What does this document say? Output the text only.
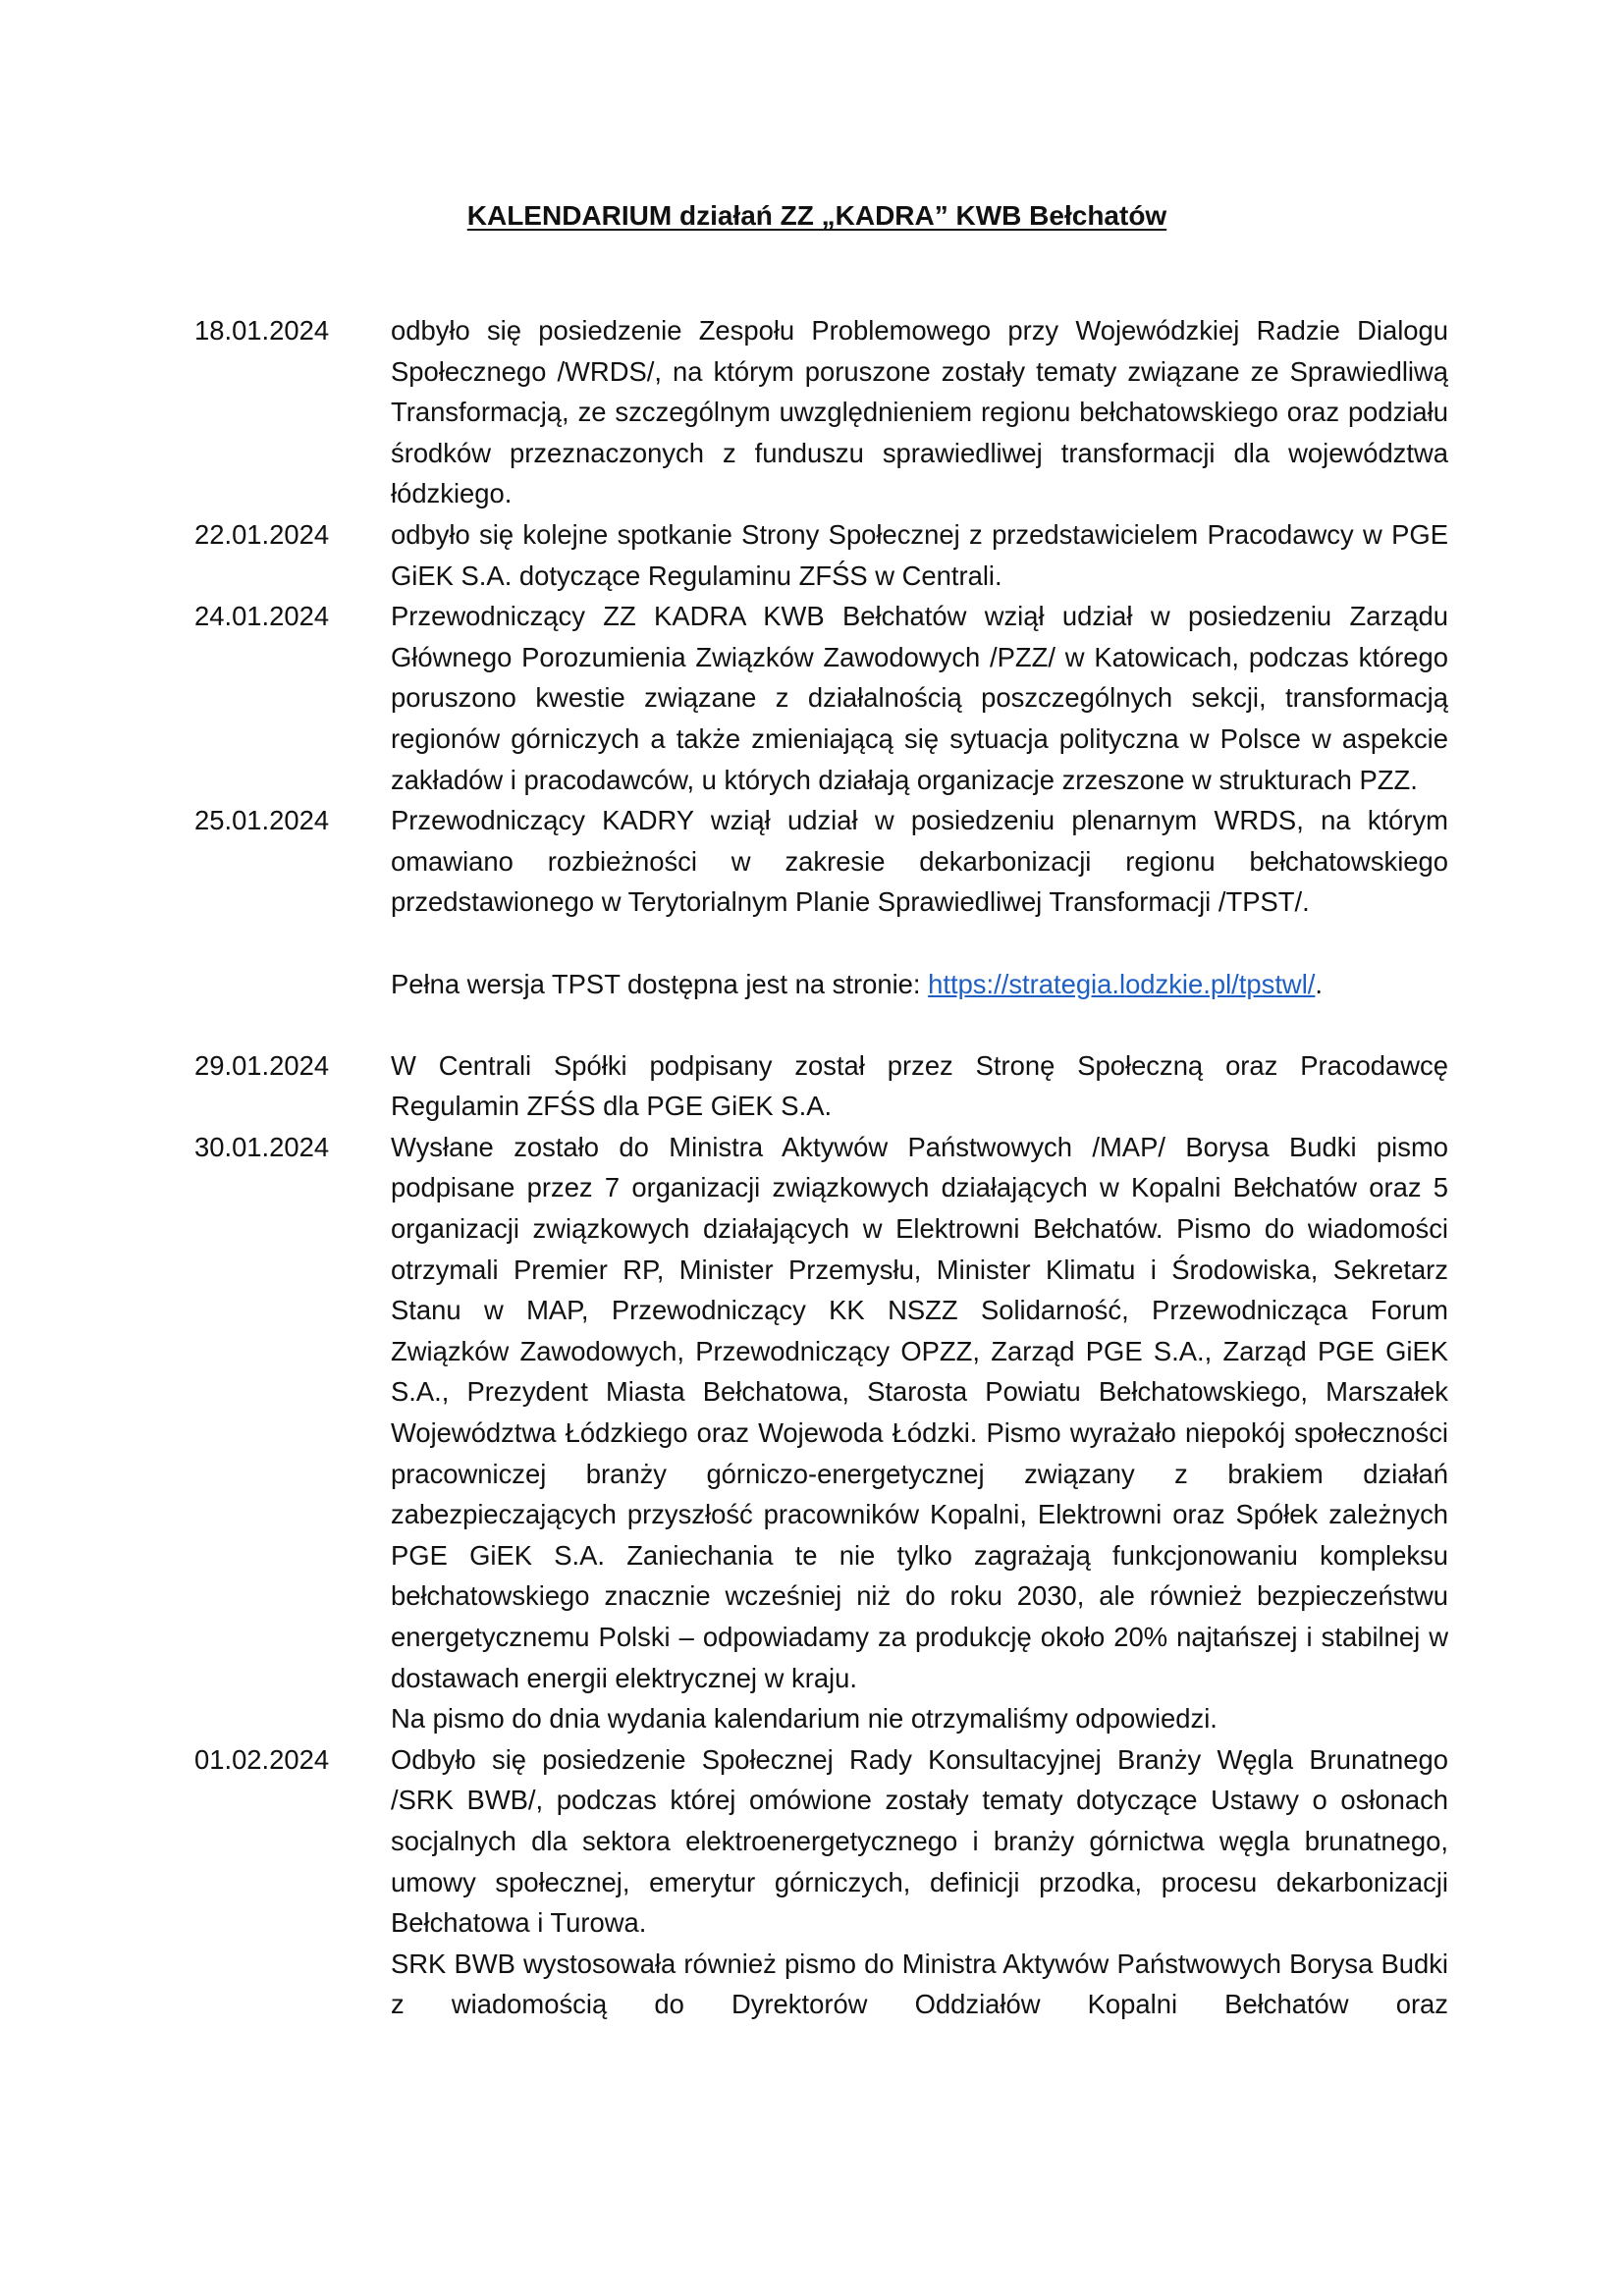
KALENDARIUM działań ZZ „KADRA” KWB Bełchatów
18.01.2024	odbyło się posiedzenie Zespołu Problemowego przy Wojewódzkiej Radzie Dialogu Społecznego /WRDS/, na którym poruszone zostały tematy związane ze Sprawiedliwą Transformacją, ze szczególnym uwzględnieniem regionu bełchatowskiego oraz podziału środków przeznaczonych z funduszu sprawiedliwej transformacji dla województwa łódzkiego.

22.01.2024	odbyło się kolejne spotkanie Strony Społecznej z przedstawicielem Pracodawcy w PGE GiEK S.A. dotyczące Regulaminu ZFŚS w Centrali.

24.01.2024	Przewodniczący ZZ KADRA KWB Bełchatów wziął udział w posiedzeniu Zarządu Głównego Porozumienia Związków Zawodowych /PZZ/ w Katowicach, podczas którego poruszono kwestie związane z działalnością poszczególnych sekcji, transformacją regionów górniczych a także zmieniającą się sytuacja polityczna w Polsce w aspekcie zakładów i pracodawców, u których działają organizacje zrzeszone w strukturach PZZ.

25.01.2024	Przewodniczący KADRY wziął udział w posiedzeniu plenarnym WRDS, na którym omawiano rozbieżności w zakresie dekarbonizacji regionu bełchatowskiego przedstawionego w Terytorialnym Planie Sprawiedliwej Transformacji /TPST/.

Pełna wersja TPST dostępna jest na stronie: https://strategia.lodzkie.pl/tpstwl/.

29.01.2024	W Centrali Spółki podpisany został przez Stronę Społeczną oraz Pracodawcę Regulamin ZFŚS dla PGE GiEK S.A.

30.01.2024	Wysłane zostało do Ministra Aktywów Państwowych /MAP/ Borysa Budki pismo podpisane przez 7 organizacji związkowych działających w Kopalni Bełchatów oraz 5 organizacji związkowych działających w Elektrowni Bełchatów. Pismo do wiadomości otrzymali Premier RP, Minister Przemysłu, Minister Klimatu i Środowiska, Sekretarz Stanu w MAP, Przewodniczący KK NSZZ Solidarność, Przewodnicząca Forum Związków Zawodowych, Przewodniczący OPZZ, Zarząd PGE S.A., Zarząd PGE GiEK S.A., Prezydent Miasta Bełchatowa, Starosta Powiatu Bełchatowskiego, Marszałek Województwa Łódzkiego oraz Wojewoda Łódzki. Pismo wyrażało niepokój społeczności pracowniczej branży górniczo-energetycznej związany z brakiem działań zabezpieczających przyszłość pracowników Kopalni, Elektrowni oraz Spółek zależnych PGE GiEK S.A. Zaniechania te nie tylko zagrażają funkcjonowaniu kompleksu bełchatowskiego znacznie wcześniej niż do roku 2030, ale również bezpieczeństwu energetycznemu Polski – odpowiadamy za produkcję około 20% najtańszej i stabilnej w dostawach energii elektrycznej w kraju.

Na pismo do dnia wydania kalendarium nie otrzymaliśmy odpowiedzi.

01.02.2024	Odbyło się posiedzenie Społecznej Rady Konsultacyjnej Branży Węgla Brunatnego /SRK BWB/, podczas której omówione zostały tematy dotyczące Ustawy o osłonach socjalnych dla sektora elektroenergetycznego i branży górnictwa węgla brunatnego, umowy społecznej, emerytur górniczych, definicji przodka, procesu dekarbonizacji Bełchatowa i Turowa.

SRK BWB wystosowała również pismo do Ministra Aktywów Państwowych Borysa Budki z wiadomością do Dyrektorów Oddziałów Kopalni Bełchatów oraz
